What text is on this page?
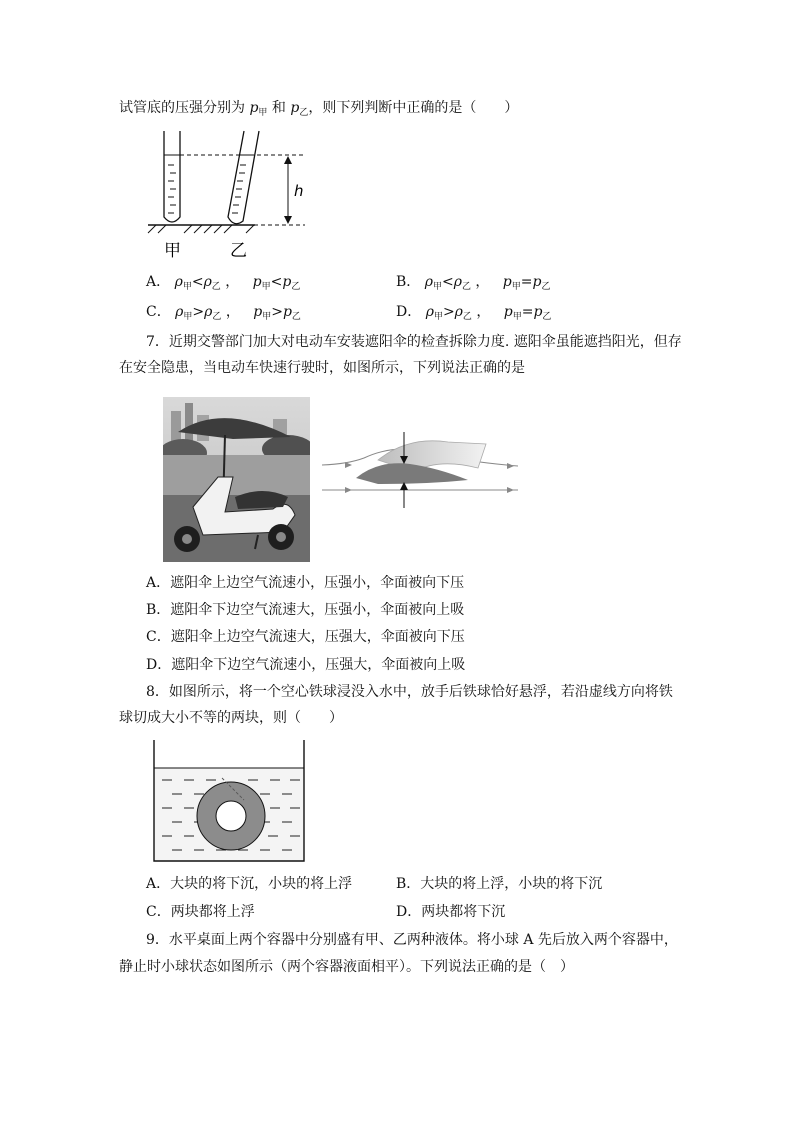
试管底的压强分别为 $p_甲$ 和 $p_乙$，则下列判断中正确的是（　　）
h
甲	乙
A． $\rho_甲<\rho_乙$ ， $p_甲<p_乙$	B． $\rho_甲<\rho_乙$ ， $p_甲=p_乙$
C． $\rho_甲>\rho_乙$ ， $p_甲>p_乙$	D． $\rho_甲>\rho_乙$ ， $p_甲=p_乙$
7．近期交警部门加大对电动车安装遮阳伞的检查拆除力度. 遮阳伞虽能遮挡阳光，但存
在安全隐患，当电动车快速行驶时，如图所示，下列说法正确的是
A．遮阳伞上边空气流速小，压强小，伞面被向下压
B．遮阳伞下边空气流速大，压强小，伞面被向上吸
C．遮阳伞上边空气流速大，压强大，伞面被向下压
D．遮阳伞下边空气流速小，压强大，伞面被向上吸
8．如图所示，将一个空心铁球浸没入水中，放手后铁球恰好悬浮，若沿虚线方向将铁
球切成大小不等的两块，则（　　）
A．大块的将下沉，小块的将上浮	B．大块的将上浮，小块的将下沉
C．两块都将上浮	D．两块都将下沉
9．水平桌面上两个容器中分别盛有甲、乙两种液体。将小球 A 先后放入两个容器中，
静止时小球状态如图所示（两个容器液面相平）。下列说法正确的是（　）
